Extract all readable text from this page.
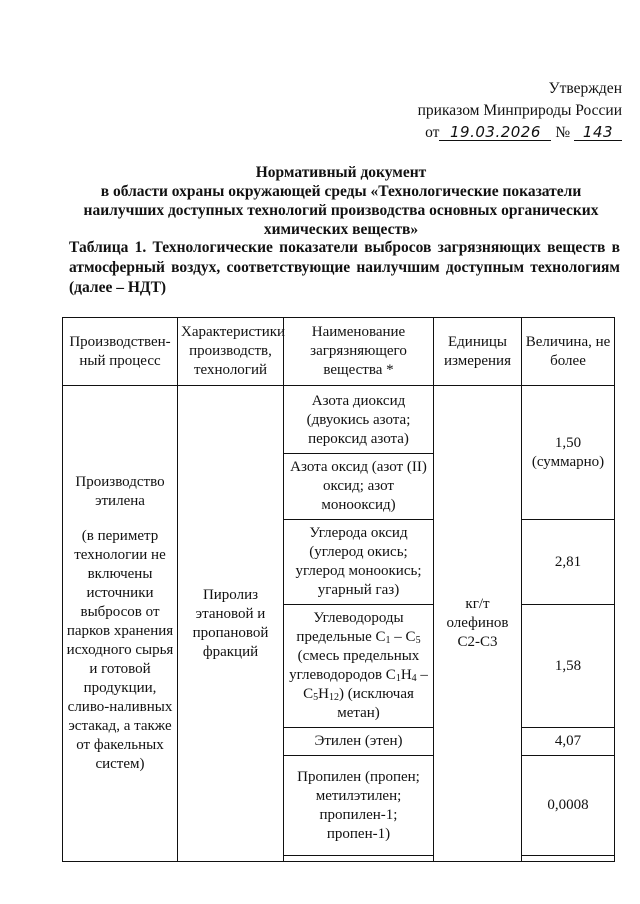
Утвержден
приказом Минприроды России
от 19.03.2026 № 143
Нормативный документ
в области охраны окружающей среды «Технологические показатели наилучших доступных технологий производства основных органических химических веществ»
Таблица 1. Технологические показатели выбросов загрязняющих веществ в атмосферный воздух, соответствующие наилучшим доступным технологиям (далее – НДТ)
Производствен-ный процесс	Характеристики производств, технологий	Наименование загрязняющего вещества *	Единицы измерения	Величина, не более

Производство этилена
(в периметр технологии не включены источники выбросов от парков хранения исходного сырья и готовой продукции, сливо-наливных эстакад, а также от факельных систем)	Пиролиз этановой и пропановой фракций	Азота диоксид (двуокись азота; пероксид азота)	кг/т олефинов С2-С3	1,50 (суммарно)
		Азота оксид (азот (II) оксид; азот монооксид)		
		Углерода оксид (углерод окись; углерод моноокись; угарный газ)		2,81
		Углеводороды предельные $С_1 - С_5$ (смесь предельных углеводородов $С_1Н_4 - С_5Н_{12}$) (исключая метан)		1,58
		Этилен (этен)		4,07
		Пропилен (пропен; метилэтилен; пропилен-1; пропен-1)		0,0008
